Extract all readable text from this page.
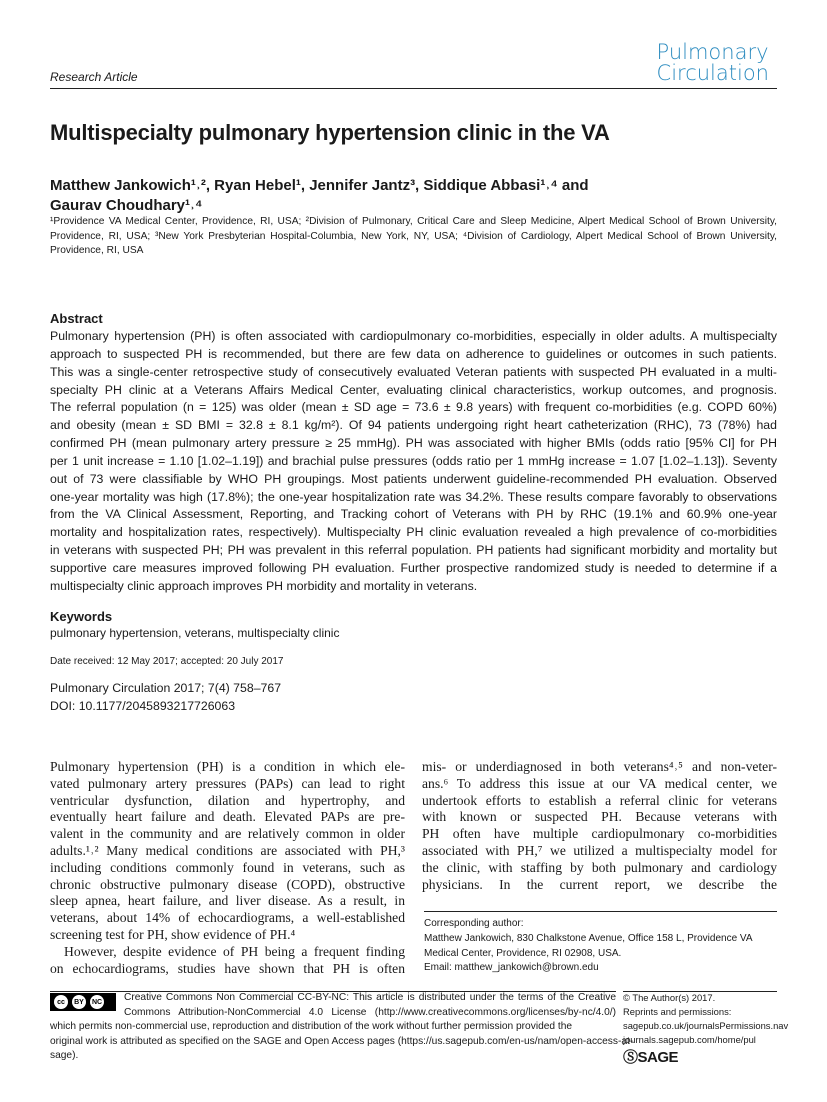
Pulmonary
Circulation
Research Article
Multispecialty pulmonary hypertension clinic in the VA
Matthew Jankowich¹˒², Ryan Hebel¹, Jennifer Jantz³, Siddique Abbasi¹˒⁴ and
Gaurav Choudhary¹˒⁴
¹Providence VA Medical Center, Providence, RI, USA; ²Division of Pulmonary, Critical Care and Sleep Medicine, Alpert Medical School of Brown University,
Providence, RI, USA; ³New York Presbyterian Hospital-Columbia, New York, NY, USA; ⁴Division of Cardiology, Alpert Medical School of Brown University,
Providence, RI, USA
Abstract
Pulmonary hypertension (PH) is often associated with cardiopulmonary co-morbidities, especially in older adults. A multispecialty
approach to suspected PH is recommended, but there are few data on adherence to guidelines or outcomes in such patients.
This was a single-center retrospective study of consecutively evaluated Veteran patients with suspected PH evaluated in a multi-
specialty PH clinic at a Veterans Affairs Medical Center, evaluating clinical characteristics, workup outcomes, and prognosis.
The referral population (n = 125) was older (mean ± SD age = 73.6 ± 9.8 years) with frequent co-morbidities (e.g. COPD 60%)
and obesity (mean ± SD BMI = 32.8 ± 8.1 kg/m²). Of 94 patients undergoing right heart catheterization (RHC), 73 (78%) had
confirmed PH (mean pulmonary artery pressure ≥ 25 mmHg). PH was associated with higher BMIs (odds ratio [95% CI] for PH
per 1 unit increase = 1.10 [1.02–1.19]) and brachial pulse pressures (odds ratio per 1 mmHg increase = 1.07 [1.02–1.13]). Seventy
out of 73 were classifiable by WHO PH groupings. Most patients underwent guideline-recommended PH evaluation. Observed
one-year mortality was high (17.8%); the one-year hospitalization rate was 34.2%. These results compare favorably to observations
from the VA Clinical Assessment, Reporting, and Tracking cohort of Veterans with PH by RHC (19.1% and 60.9% one-year
mortality and hospitalization rates, respectively). Multispecialty PH clinic evaluation revealed a high prevalence of co-morbidities
in veterans with suspected PH; PH was prevalent in this referral population. PH patients had significant morbidity and mortality but
supportive care measures improved following PH evaluation. Further prospective randomized study is needed to determine if a
multispecialty clinic approach improves PH morbidity and mortality in veterans.
Keywords
pulmonary hypertension, veterans, multispecialty clinic
Date received: 12 May 2017; accepted: 20 July 2017
Pulmonary Circulation 2017; 7(4) 758–767
DOI: 10.1177/2045893217726063
Pulmonary hypertension (PH) is a condition in which ele-
vated pulmonary artery pressures (PAPs) can lead to right
ventricular dysfunction, dilation and hypertrophy, and
eventually heart failure and death. Elevated PAPs are pre-
valent in the community and are relatively common in older
adults.¹˒² Many medical conditions are associated with PH,³
including conditions commonly found in veterans, such as
chronic obstructive pulmonary disease (COPD), obstructive
sleep apnea, heart failure, and liver disease. As a result, in
veterans, about 14% of echocardiograms, a well-established
screening test for PH, show evidence of PH.⁴
However, despite evidence of PH being a frequent finding
on echocardiograms, studies have shown that PH is often
mis- or underdiagnosed in both veterans⁴˒⁵ and non-veter-
ans.⁶ To address this issue at our VA medical center, we
undertook efforts to establish a referral clinic for veterans
with known or suspected PH. Because veterans with
PH often have multiple cardiopulmonary co-morbidities
associated with PH,⁷ we utilized a multispecialty model for
the clinic, with staffing by both pulmonary and cardiology
physicians. In the current report, we describe the
Corresponding author:
Matthew Jankowich, 830 Chalkstone Avenue, Office 158 L, Providence VA
Medical Center, Providence, RI 02908, USA.
Email: matthew_jankowich@brown.edu
Creative Commons Non Commercial CC-BY-NC: This article is distributed under the terms of the Creative
Commons Attribution-NonCommercial 4.0 License (http://www.creativecommons.org/licenses/by-nc/4.0/)
which permits non-commercial use, reproduction and distribution of the work without further permission provided the
original work is attributed as specified on the SAGE and Open Access pages (https://us.sagepub.com/en-us/nam/open-access-at-
sage).
cc	BY	NC	© The Author(s) 2017.
Reprints and permissions:
sagepub.co.uk/journalsPermissions.nav
journals.sagepub.com/home/pul
ⓈSAGE
